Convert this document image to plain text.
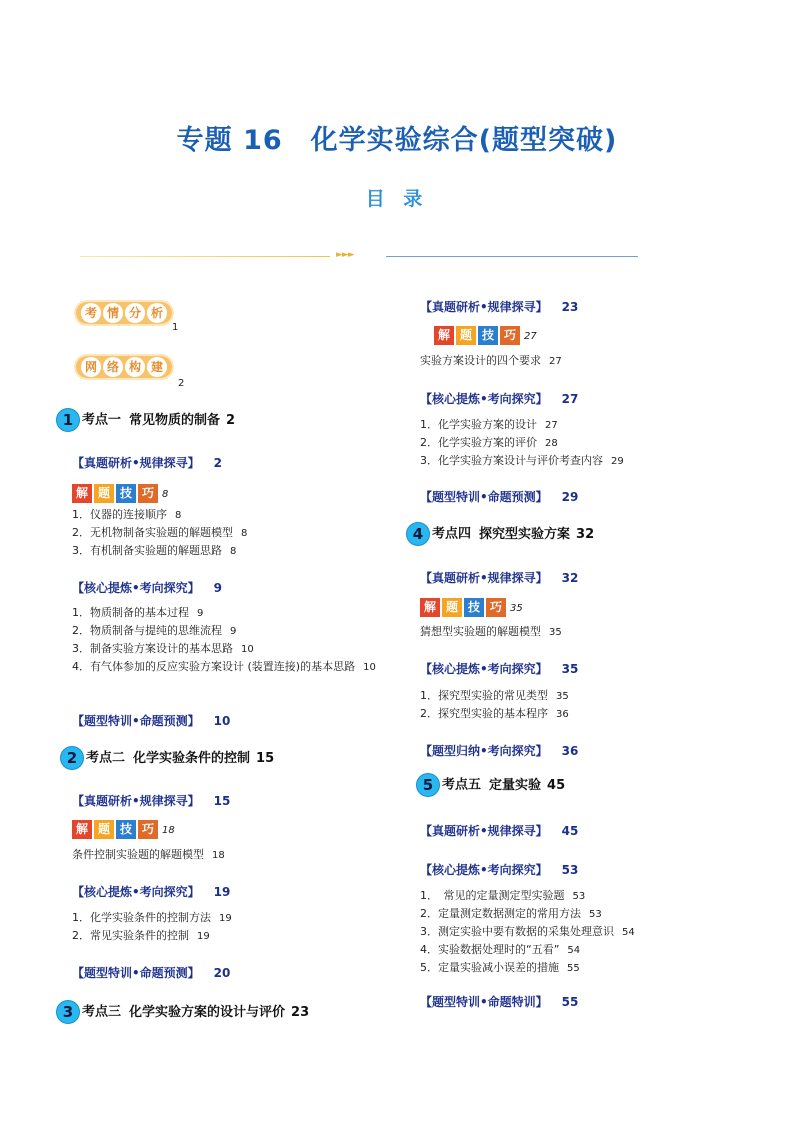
专题 16　化学实验综合(题型突破)
目 录
►►►
考 情 分 析
1
网 络 构 建
2
1 考点一 常见物质的制备 2
【真题研析•规律探寻】 2
解 题 技 巧 8
1．仪器的连接顺序 8
2．无机物制备实验题的解题模型 8
3．有机制备实验题的解题思路 8
【核心提炼•考向探究】 9
1．物质制备的基本过程 9
2．物质制备与提纯的思维流程 9
3．制备实验方案设计的基本思路 10
4．有气体参加的反应实验方案设计 (装置连接)的基本思路 10
【题型特训•命题预测】 10
2 考点二 化学实验条件的控制 15
【真题研析•规律探寻】 15
解 题 技 巧 18
条件控制实验题的解题模型 18
【核心提炼•考向探究】 19
1．化学实验条件的控制方法 19
2．常见实验条件的控制 19
【题型特训•命题预测】 20
3 考点三 化学实验方案的设计与评价 23
【真题研析•规律探寻】 23
解 题 技 巧 27
实验方案设计的四个要求 27
【核心提炼•考向探究】 27
1．化学实验方案的设计 27
2．化学实验方案的评价 28
3．化学实验方案设计与评价考查内容 29
【题型特训•命题预测】 29
4 考点四 探究型实验方案 32
【真题研析•规律探寻】 32
解 题 技 巧 35
猜想型实验题的解题模型 35
【核心提炼•考向探究】 35
1．探究型实验的常见类型 35
2．探究型实验的基本程序 36
【题型归纳•考向探究】 36
5 考点五 定量实验 45
【真题研析•规律探寻】 45
【核心提炼•考向探究】 53
1．　常见的定量测定型实验题 53
2．定量测定数据测定的常用方法 53
3．测定实验中要有数据的采集处理意识 54
4．实验数据处理时的“五看” 54
5．定量实验减小误差的措施 55
【题型特训•命题特训】 55
